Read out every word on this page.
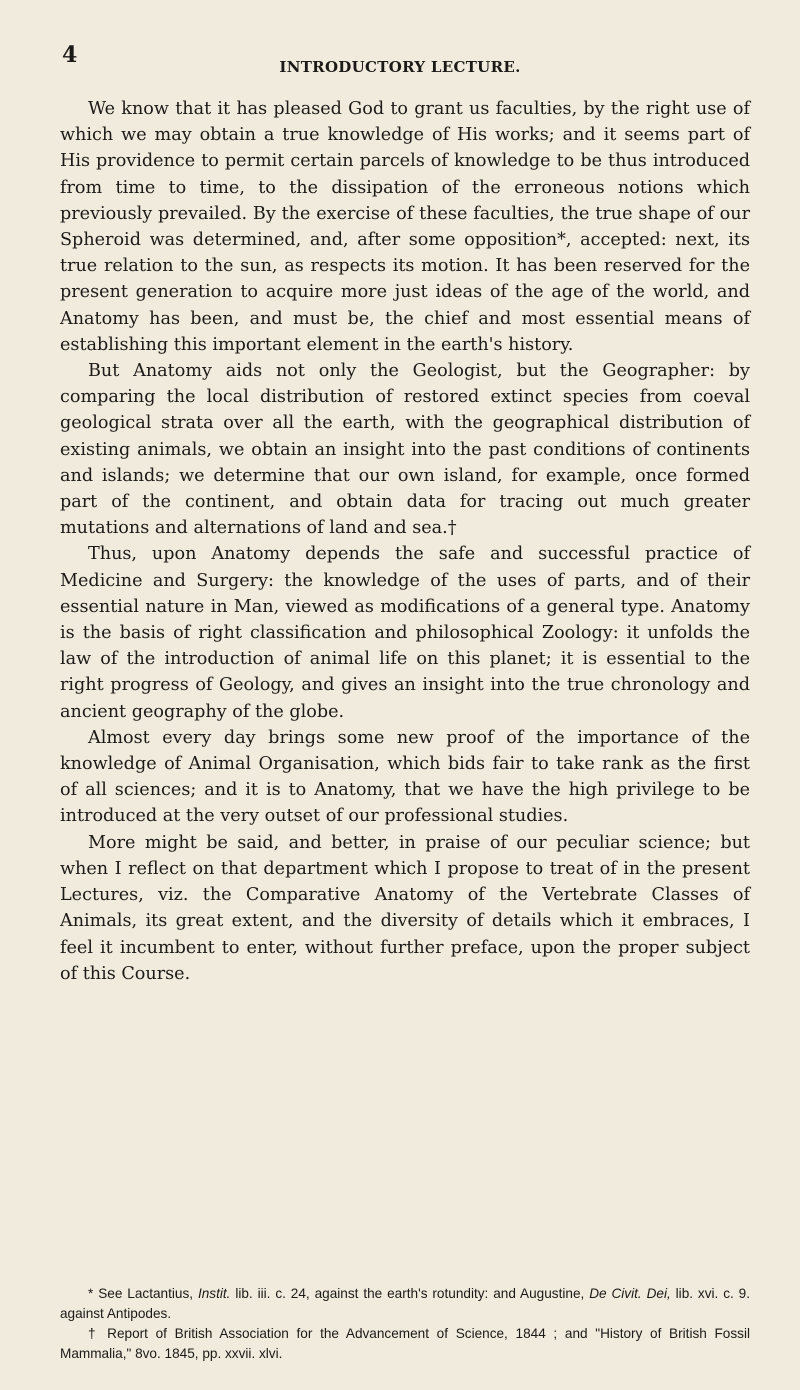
4	INTRODUCTORY LECTURE.

We know that it has pleased God to grant us faculties, by the right use of which we may obtain a true knowledge of His works; and it seems part of His providence to permit certain parcels of knowledge to be thus introduced from time to time, to the dissipation of the erroneous notions which previously prevailed. By the exercise of these faculties, the true shape of our Spheroid was determined, and, after some opposition*, accepted: next, its true relation to the sun, as respects its motion. It has been reserved for the present generation to acquire more just ideas of the age of the world, and Anatomy has been, and must be, the chief and most essential means of establishing this important element in the earth's history.

But Anatomy aids not only the Geologist, but the Geographer: by comparing the local distribution of restored extinct species from coeval geological strata over all the earth, with the geographical distribution of existing animals, we obtain an insight into the past conditions of continents and islands; we determine that our own island, for example, once formed part of the continent, and obtain data for tracing out much greater mutations and alternations of land and sea.†

Thus, upon Anatomy depends the safe and successful practice of Medicine and Surgery: the knowledge of the uses of parts, and of their essential nature in Man, viewed as modifications of a general type. Anatomy is the basis of right classification and philosophical Zoology: it unfolds the law of the introduction of animal life on this planet; it is essential to the right progress of Geology, and gives an insight into the true chronology and ancient geography of the globe.

Almost every day brings some new proof of the importance of the knowledge of Animal Organisation, which bids fair to take rank as the first of all sciences; and it is to Anatomy, that we have the high privilege to be introduced at the very outset of our professional studies.

More might be said, and better, in praise of our peculiar science; but when I reflect on that department which I propose to treat of in the present Lectures, viz. the Comparative Anatomy of the Vertebrate Classes of Animals, its great extent, and the diversity of details which it embraces, I feel it incumbent to enter, without further preface, upon the proper subject of this Course.

* See Lactantius, Instit. lib. iii. c. 24, against the earth's rotundity: and Augustine, De Civit. Dei, lib. xvi. c. 9. against Antipodes.

† Report of British Association for the Advancement of Science, 1844 ; and "History of British Fossil Mammalia," 8vo. 1845, pp. xxvii. xlvi.
